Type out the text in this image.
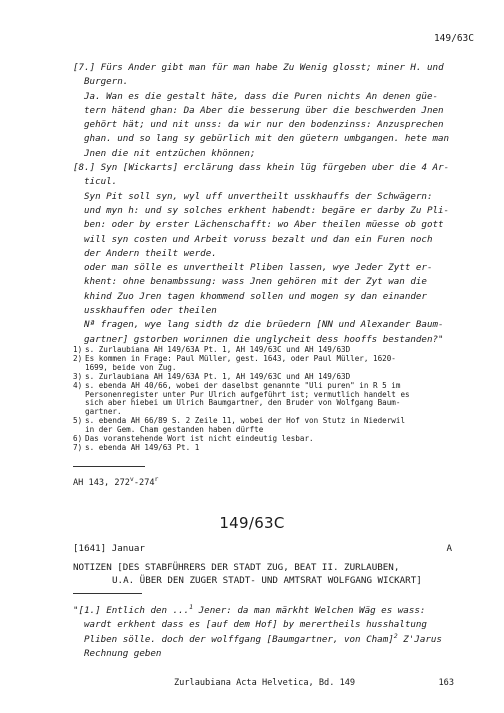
149/63C
[7.] Fürs Ander gibt man für man habe Zu Wenig glosst; miner H. und
Burgern.
Ja. Wan es die gestalt häte, dass die Puren nichts An denen güe-
tern hätend ghan: Da Aber die besserung über die beschwerden Jnen
gehört hät; und nit unss: da wir nur den bodenzinss: Anzusprechen
ghan. und so lang sy gebürlich mit den güetern umbgangen. hete man
Jnen die nit entzüchen khönnen;
[8.] Syn [Wickarts] erclärung dass khein lüg fürgeben uber die 4 Ar-
ticul.
Syn Pit soll syn, wyl uff unvertheilt usskhauffs der Schwägern:
und myn h: und sy solches erkhent habendt: begäre er darby Zu Pli-
ben: oder by erster Lächenschafft: wo Aber theilen müesse ob gott
will syn costen und Arbeit voruss bezalt und dan ein Furen noch
der Andern theilt werde.
oder man sölle es unvertheilt Pliben lassen, wye Jeder Zytt er-
khent: ohne benambssung: wass Jnen gehören mit der Zyt wan die
khind Zuo Jren tagen khommend sollen und mogen sy dan einander
usskhauffen oder theilen
Nª fragen, wye lang sidth dz die brüedern [NN und Alexander Baum-
gartner] gstorben worinnen die unglycheit dess hooffs bestanden?"
1) s. Zurlaubiana AH 149/63A Pt. 1, AH 149/63C und AH 149/63D
2) Es kommen in Frage: Paul Müller, gest. 1643, oder Paul Müller, 1620-
1699, beide von Zug.
3) s. Zurlaubiana AH 149/63A Pt. 1, AH 149/63C und AH 149/63D
4) s. ebenda AH 40/66, wobei der daselbst genannte "Uli puren" in R 5 im
Personenregister unter Pur Ulrich aufgeführt ist; vermutlich handelt es
sich aber hiebei um Ulrich Baumgartner, den Bruder von Wolfgang Baum-
gartner.
5) s. ebenda AH 66/89 S. 2 Zeile 11, wobei der Hof von Stutz in Niederwil
in der Gem. Cham gestanden haben dürfte
6) Das voranstehende Wort ist nicht eindeutig lesbar.
7) s. ebenda AH 149/63 Pt. 1
AH 143, 272$^v$-274$^r$
149/63C
[1641] Januar	A
NOTIZEN [DES STABFÜHRERS DER STADT ZUG, BEAT II. ZURLAUBEN,
U.A. ÜBER DEN ZUGER STADT- UND AMTSRAT WOLFGANG WICKART]
"[1.] Entlich den ...$^1$ Jener: da man märkht Welchen Wäg es wass:
wardt erkhent dass es [auf dem Hof] by merertheils husshaltung
Pliben sölle. doch der wolffgang [Baumgartner, von Cham]$^2$ Z'Jarus
Rechnung geben
Zurlaubiana Acta Helvetica, Bd. 149	163
